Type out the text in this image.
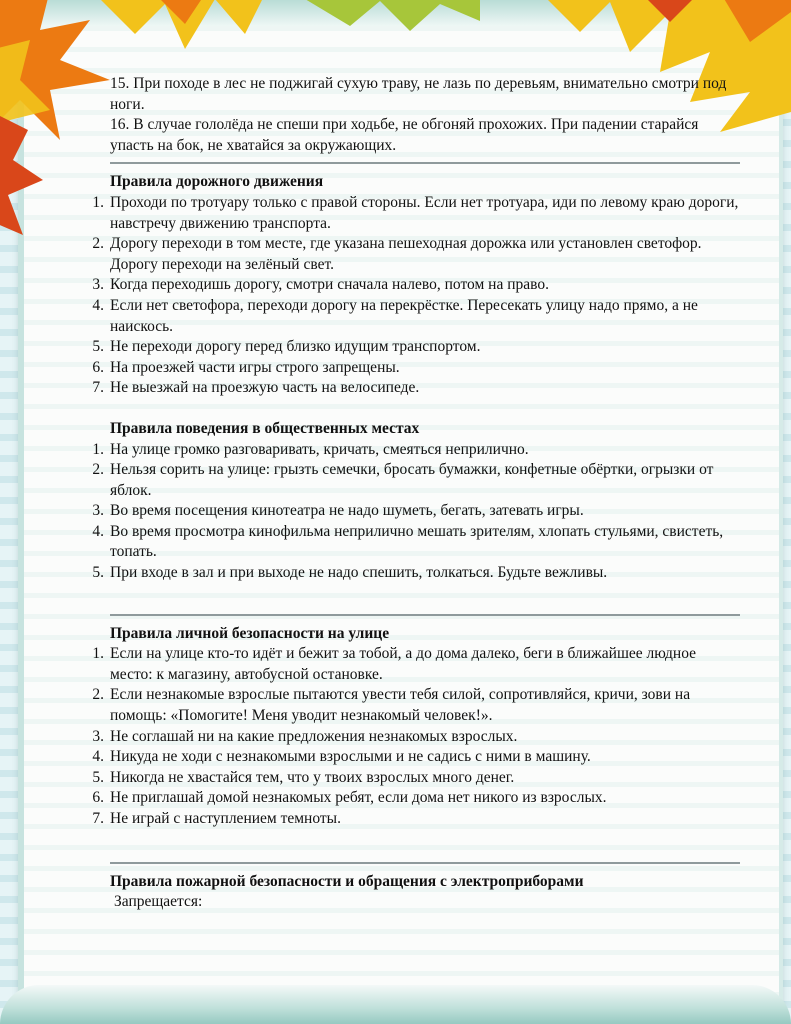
15. При походе в лес не поджигай сухую траву, не лазь по деревьям, внимательно смотри под ноги.

16. В случае гололёда не спеши при ходьбе, не обгоняй прохожих. При падении старайся упасть на бок, не хватайся за окружающих.

Правила дорожного движения

1. Проходи по тротуару только с правой стороны. Если нет тротуара, иди по левому краю дороги, навстречу движению транспорта.
2. Дорогу переходи в том месте, где указана пешеходная дорожка или установлен светофор. Дорогу переходи на зелёный свет.
3. Когда переходишь дорогу, смотри сначала налево, потом на право.
4. Если нет светофора, переходи дорогу на перекрёстке. Пересекать улицу надо прямо, а не наискось.
5. Не переходи дорогу перед близко идущим транспортом.
6. На проезжей части игры строго запрещены.
7. Не выезжай на проезжую часть на велосипеде.

Правила поведения в общественных местах

1. На улице громко разговаривать, кричать, смеяться неприлично.
2. Нельзя сорить на улице: грызть семечки, бросать бумажки, конфетные обёртки, огрызки от яблок.
3. Во время посещения кинотеатра не надо шуметь, бегать, затевать игры.
4. Во время просмотра кинофильма неприлично мешать зрителям, хлопать стульями, свистеть, топать.
5. При входе в зал и при выходе не надо спешить, толкаться. Будьте вежливы.

Правила личной безопасности на улице

1. Если на улице кто-то идёт и бежит за тобой, а до дома далеко, беги в ближайшее людное место: к магазину, автобусной остановке.
2. Если незнакомые взрослые пытаются увести тебя силой, сопротивляйся, кричи, зови на помощь: «Помогите! Меня уводит незнакомый человек!».
3. Не соглашай ни на какие предложения незнакомых взрослых.
4. Никуда не ходи с незнакомыми взрослыми и не садись с ними в машину.
5. Никогда не хвастайся тем, что у твоих взрослых много денег.
6. Не приглашай домой незнакомых ребят, если дома нет никого из взрослых.
7. Не играй с наступлением темноты.

Правила пожарной безопасности и обращения с электроприборами

Запрещается:
